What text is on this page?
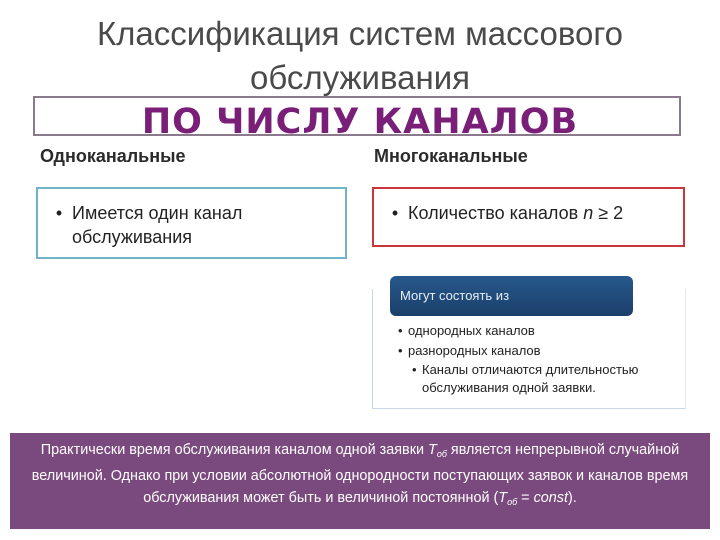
Классификация систем массового
обслуживания
ПО ЧИСЛУ КАНАЛОВ
Одноканальные	Многоканальные
• Имеется один канал
обслуживания
• Количество каналов n ≥ 2
Могут состоять из
• однородных каналов
• разнородных каналов
• Каналы отличаются длительностью
обслуживания одной заявки.
Практически время обслуживания каналом одной заявки $T_{об}$ является непрерывной случайной величиной. Однако при условии абсолютной однородности поступающих заявок и каналов время обслуживания может быть и величиной постоянной ($T_{об}$ = const).
